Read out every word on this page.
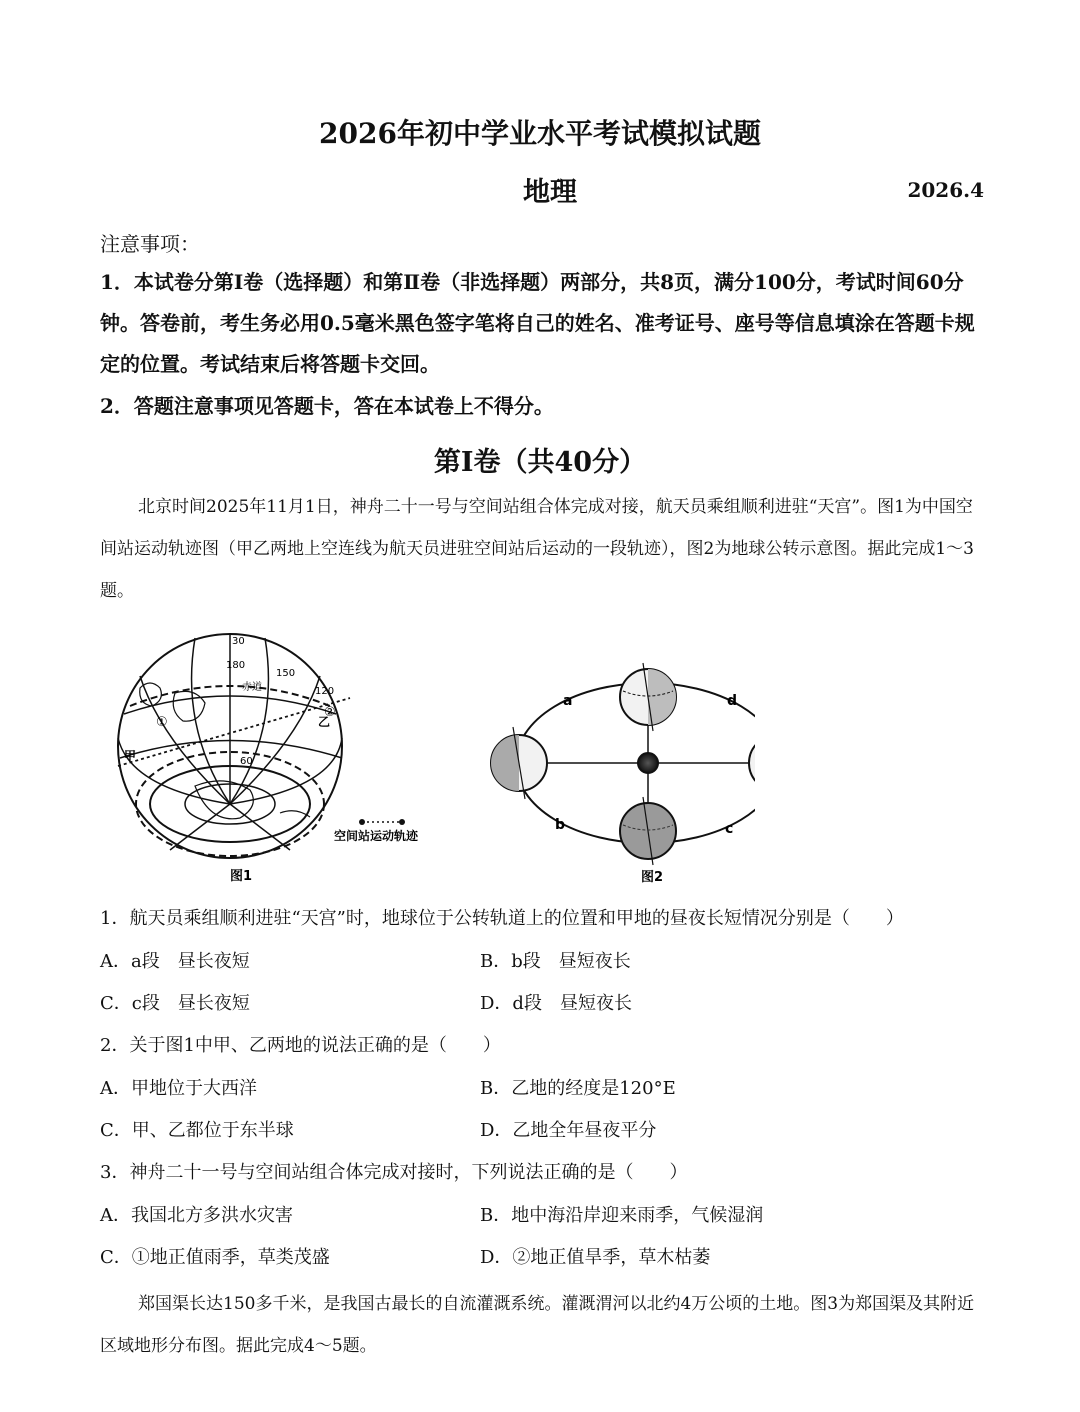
2026年初中学业水平考试模拟试题
地理	2026.4
注意事项：
1．本试卷分第Ⅰ卷（选择题）和第Ⅱ卷（非选择题）两部分，共8页，满分100分，考试时间60分钟。答卷前，考生务必用0.5毫米黑色签字笔将自己的姓名、准考证号、座号等信息填涂在答题卡规定的位置。考试结束后将答题卡交回。
2．答题注意事项见答题卡，答在本试卷上不得分。
第Ⅰ卷（共40分）
北京时间2025年11月1日，神舟二十一号与空间站组合体完成对接，航天员乘组顺利进驻“天宫”。图1为中国空间站运动轨迹图（甲乙两地上空连线为航天员进驻空间站后运动的一段轨迹），图2为地球公转示意图。据此完成1～3题。
30
180
150
120
赤道
60
甲
乙
①
②
空间站运动轨迹
图1
a	d
b	c
图2
1．航天员乘组顺利进驻“天宫”时，地球位于公转轨道上的位置和甲地的昼夜长短情况分别是（　　）
A．a段　昼长夜短	B．b段　昼短夜长
C．c段　昼长夜短	D．d段　昼短夜长
2．关于图1中甲、乙两地的说法正确的是（　　）
A．甲地位于大西洋	B．乙地的经度是120°E
C．甲、乙都位于东半球	D．乙地全年昼夜平分
3．神舟二十一号与空间站组合体完成对接时，下列说法正确的是（　　）
A．我国北方多洪水灾害	B．地中海沿岸迎来雨季，气候湿润
C．①地正值雨季，草类茂盛	D．②地正值旱季，草木枯萎
郑国渠长达150多千米，是我国古最长的自流灌溉系统。灌溉渭河以北约4万公顷的土地。图3为郑国渠及其附近区域地形分布图。据此完成4～5题。
